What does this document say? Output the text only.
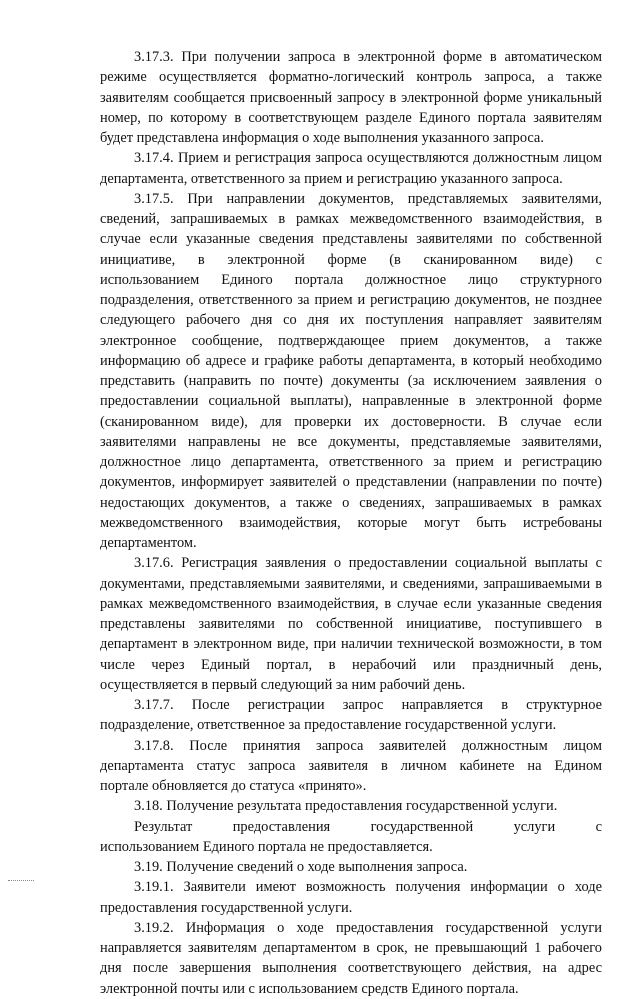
3.17.3. При получении запроса в электронной форме в автоматическом
режиме осуществляется форматно-логический контроль запроса, а также
заявителям сообщается присвоенный запросу в электронной форме уникальный
номер, по которому в соответствующем разделе Единого портала заявителям
будет представлена информация о ходе выполнения указанного запроса.
3.17.4. Прием и регистрация запроса осуществляются должностным лицом
департамента, ответственного за прием и регистрацию указанного запроса.
3.17.5. При направлении документов, представляемых заявителями,
сведений, запрашиваемых в рамках межведомственного взаимодействия, в
случае если указанные сведения представлены заявителями по собственной
инициативе, в электронной форме (в сканированном виде) с
использованием Единого портала должностное лицо структурного
подразделения, ответственного за прием и регистрацию документов, не позднее
следующего рабочего дня со дня их поступления направляет заявителям
электронное сообщение, подтверждающее прием документов, а также
информацию об адресе и графике работы департамента, в который необходимо
представить (направить по почте) документы (за исключением заявления о
предоставлении социальной выплаты), направленные в электронной форме
(сканированном виде), для проверки их достоверности. В случае если
заявителями направлены не все документы, представляемые заявителями,
должностное лицо департамента, ответственного за прием и регистрацию
документов, информирует заявителей о представлении (направлении по почте)
недостающих документов, а также о сведениях, запрашиваемых в рамках
межведомственного взаимодействия, которые могут быть истребованы
департаментом.
3.17.6. Регистрация заявления о предоставлении социальной выплаты с
документами, представляемыми заявителями, и сведениями, запрашиваемыми в
рамках межведомственного взаимодействия, в случае если указанные сведения
представлены заявителями по собственной инициативе, поступившего в
департамент в электронном виде, при наличии технической возможности, в том
числе через Единый портал, в нерабочий или праздничный день,
осуществляется в первый следующий за ним рабочий день.
3.17.7. После регистрации запрос направляется в структурное
подразделение, ответственное за предоставление государственной услуги.
3.17.8. После принятия запроса заявителей должностным лицом
департамента статус запроса заявителя в личном кабинете на Едином
портале обновляется до статуса «принято».
3.18. Получение результата предоставления государственной услуги.
Результат предоставления государственной услуги с
использованием Единого портала не предоставляется.
3.19. Получение сведений о ходе выполнения запроса.
3.19.1. Заявители имеют возможность получения информации о ходе
предоставления государственной услуги.
3.19.2. Информация о ходе предоставления государственной услуги
направляется заявителям департаментом в срок, не превышающий 1 рабочего
дня после завершения выполнения соответствующего действия, на адрес
электронной почты или с использованием средств Единого портала.
